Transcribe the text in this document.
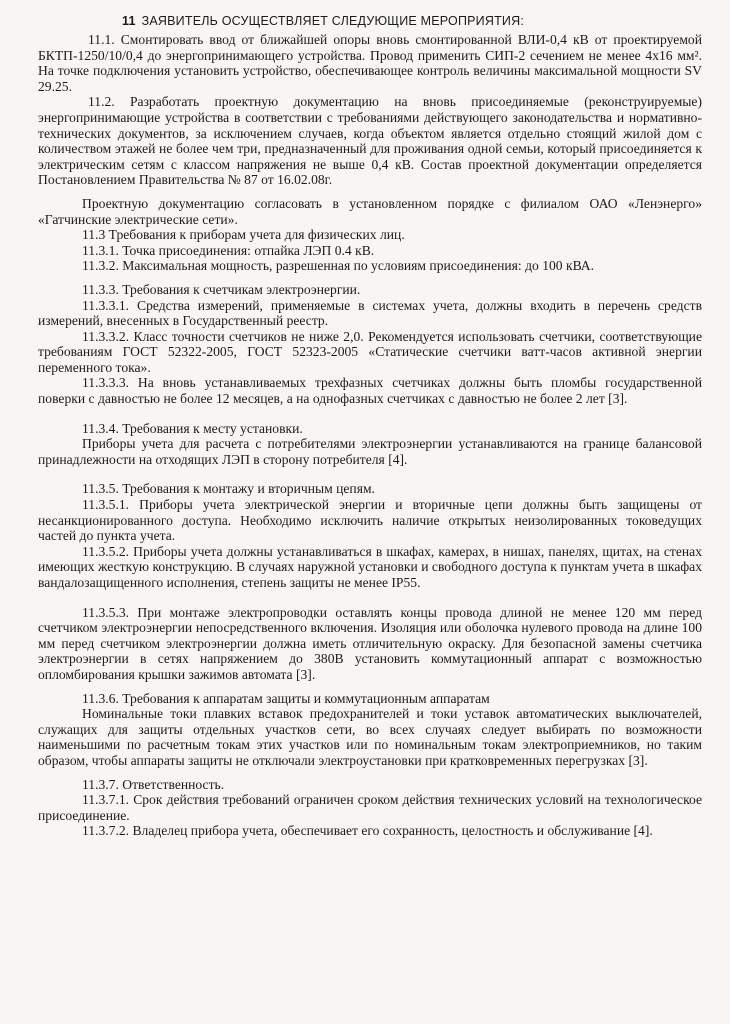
11 ЗАЯВИТЕЛЬ ОСУЩЕСТВЛЯЕТ СЛЕДУЮЩИЕ МЕРОПРИЯТИЯ:

11.1. Смонтировать ввод от ближайшей опоры вновь смонтированной ВЛИ-0,4 кВ от проектируемой БКТП-1250/10/0,4 до энергопринимающего устройства. Провод применить СИП-2 сечением не менее 4х16 мм². На точке подключения установить устройство, обеспечивающее контроль величины максимальной мощности SV 29.25.

11.2. Разработать проектную документацию на вновь присоединяемые (реконструируемые) энергопринимающие устройства в соответствии с требованиями действующего законодательства и нормативно-технических документов, за исключением случаев, когда объектом является отдельно стоящий жилой дом с количеством этажей не более чем три, предназначенный для проживания одной семьи, который присоединяется к электрическим сетям с классом напряжения не выше 0,4 кВ. Состав проектной документации определяется Постановлением Правительства № 87 от 16.02.08г.

Проектную документацию согласовать в установленном порядке с филиалом ОАО «Ленэнерго» «Гатчинские электрические сети».

11.3 Требования к приборам учета для физических лиц.

11.3.1. Точка присоединения: отпайка ЛЭП 0.4 кВ.

11.3.2. Максимальная мощность, разрешенная по условиям присоединения: до 100 кВА.

11.3.3. Требования к счетчикам электроэнергии.

11.3.3.1. Средства измерений, применяемые в системах учета, должны входить в перечень средств измерений, внесенных в Государственный реестр.

11.3.3.2. Класс точности счетчиков не ниже 2,0. Рекомендуется использовать счетчики, соответствующие требованиям ГОСТ 52322-2005, ГОСТ 52323-2005 «Статические счетчики ватт-часов активной энергии переменного тока».

11.3.3.3. На вновь устанавливаемых трехфазных счетчиках должны быть пломбы государственной поверки с давностью не более 12 месяцев, а на однофазных счетчиках с давностью не более 2 лет [3].

11.3.4. Требования к месту установки.

Приборы учета для расчета с потребителями электроэнергии устанавливаются на границе балансовой принадлежности на отходящих ЛЭП в сторону потребителя [4].

11.3.5. Требования к монтажу и вторичным цепям.

11.3.5.1. Приборы учета электрической энергии и вторичные цепи должны быть защищены от несанкционированного доступа. Необходимо исключить наличие открытых неизолированных токоведущих частей до пункта учета.

11.3.5.2. Приборы учета должны устанавливаться в шкафах, камерах, в нишах, панелях, щитах, на стенах имеющих жесткую конструкцию. В случаях наружной установки и свободного доступа к пунктам учета в шкафах вандалозащищенного исполнения, степень защиты не менее IP55.

11.3.5.3. При монтаже электропроводки оставлять концы провода длиной не менее 120 мм перед счетчиком электроэнергии непосредственного включения. Изоляция или оболочка нулевого провода на длине 100 мм перед счетчиком электроэнергии должна иметь отличительную окраску. Для безопасной замены счетчика электроэнергии в сетях напряжением до 380В установить коммутационный аппарат с возможностью опломбирования крышки зажимов автомата [3].

11.3.6. Требования к аппаратам защиты и коммутационным аппаратам

Номинальные токи плавких вставок предохранителей и токи уставок автоматических выключателей, служащих для защиты отдельных участков сети, во всех случаях следует выбирать по возможности наименьшими по расчетным токам этих участков или по номинальным токам электроприемников, но таким образом, чтобы аппараты защиты не отключали электроустановки при кратковременных перегрузках [3].

11.3.7. Ответственность.

11.3.7.1. Срок действия требований ограничен сроком действия технических условий на технологическое присоединение.

11.3.7.2. Владелец прибора учета, обеспечивает его сохранность, целостность и обслуживание [4].
